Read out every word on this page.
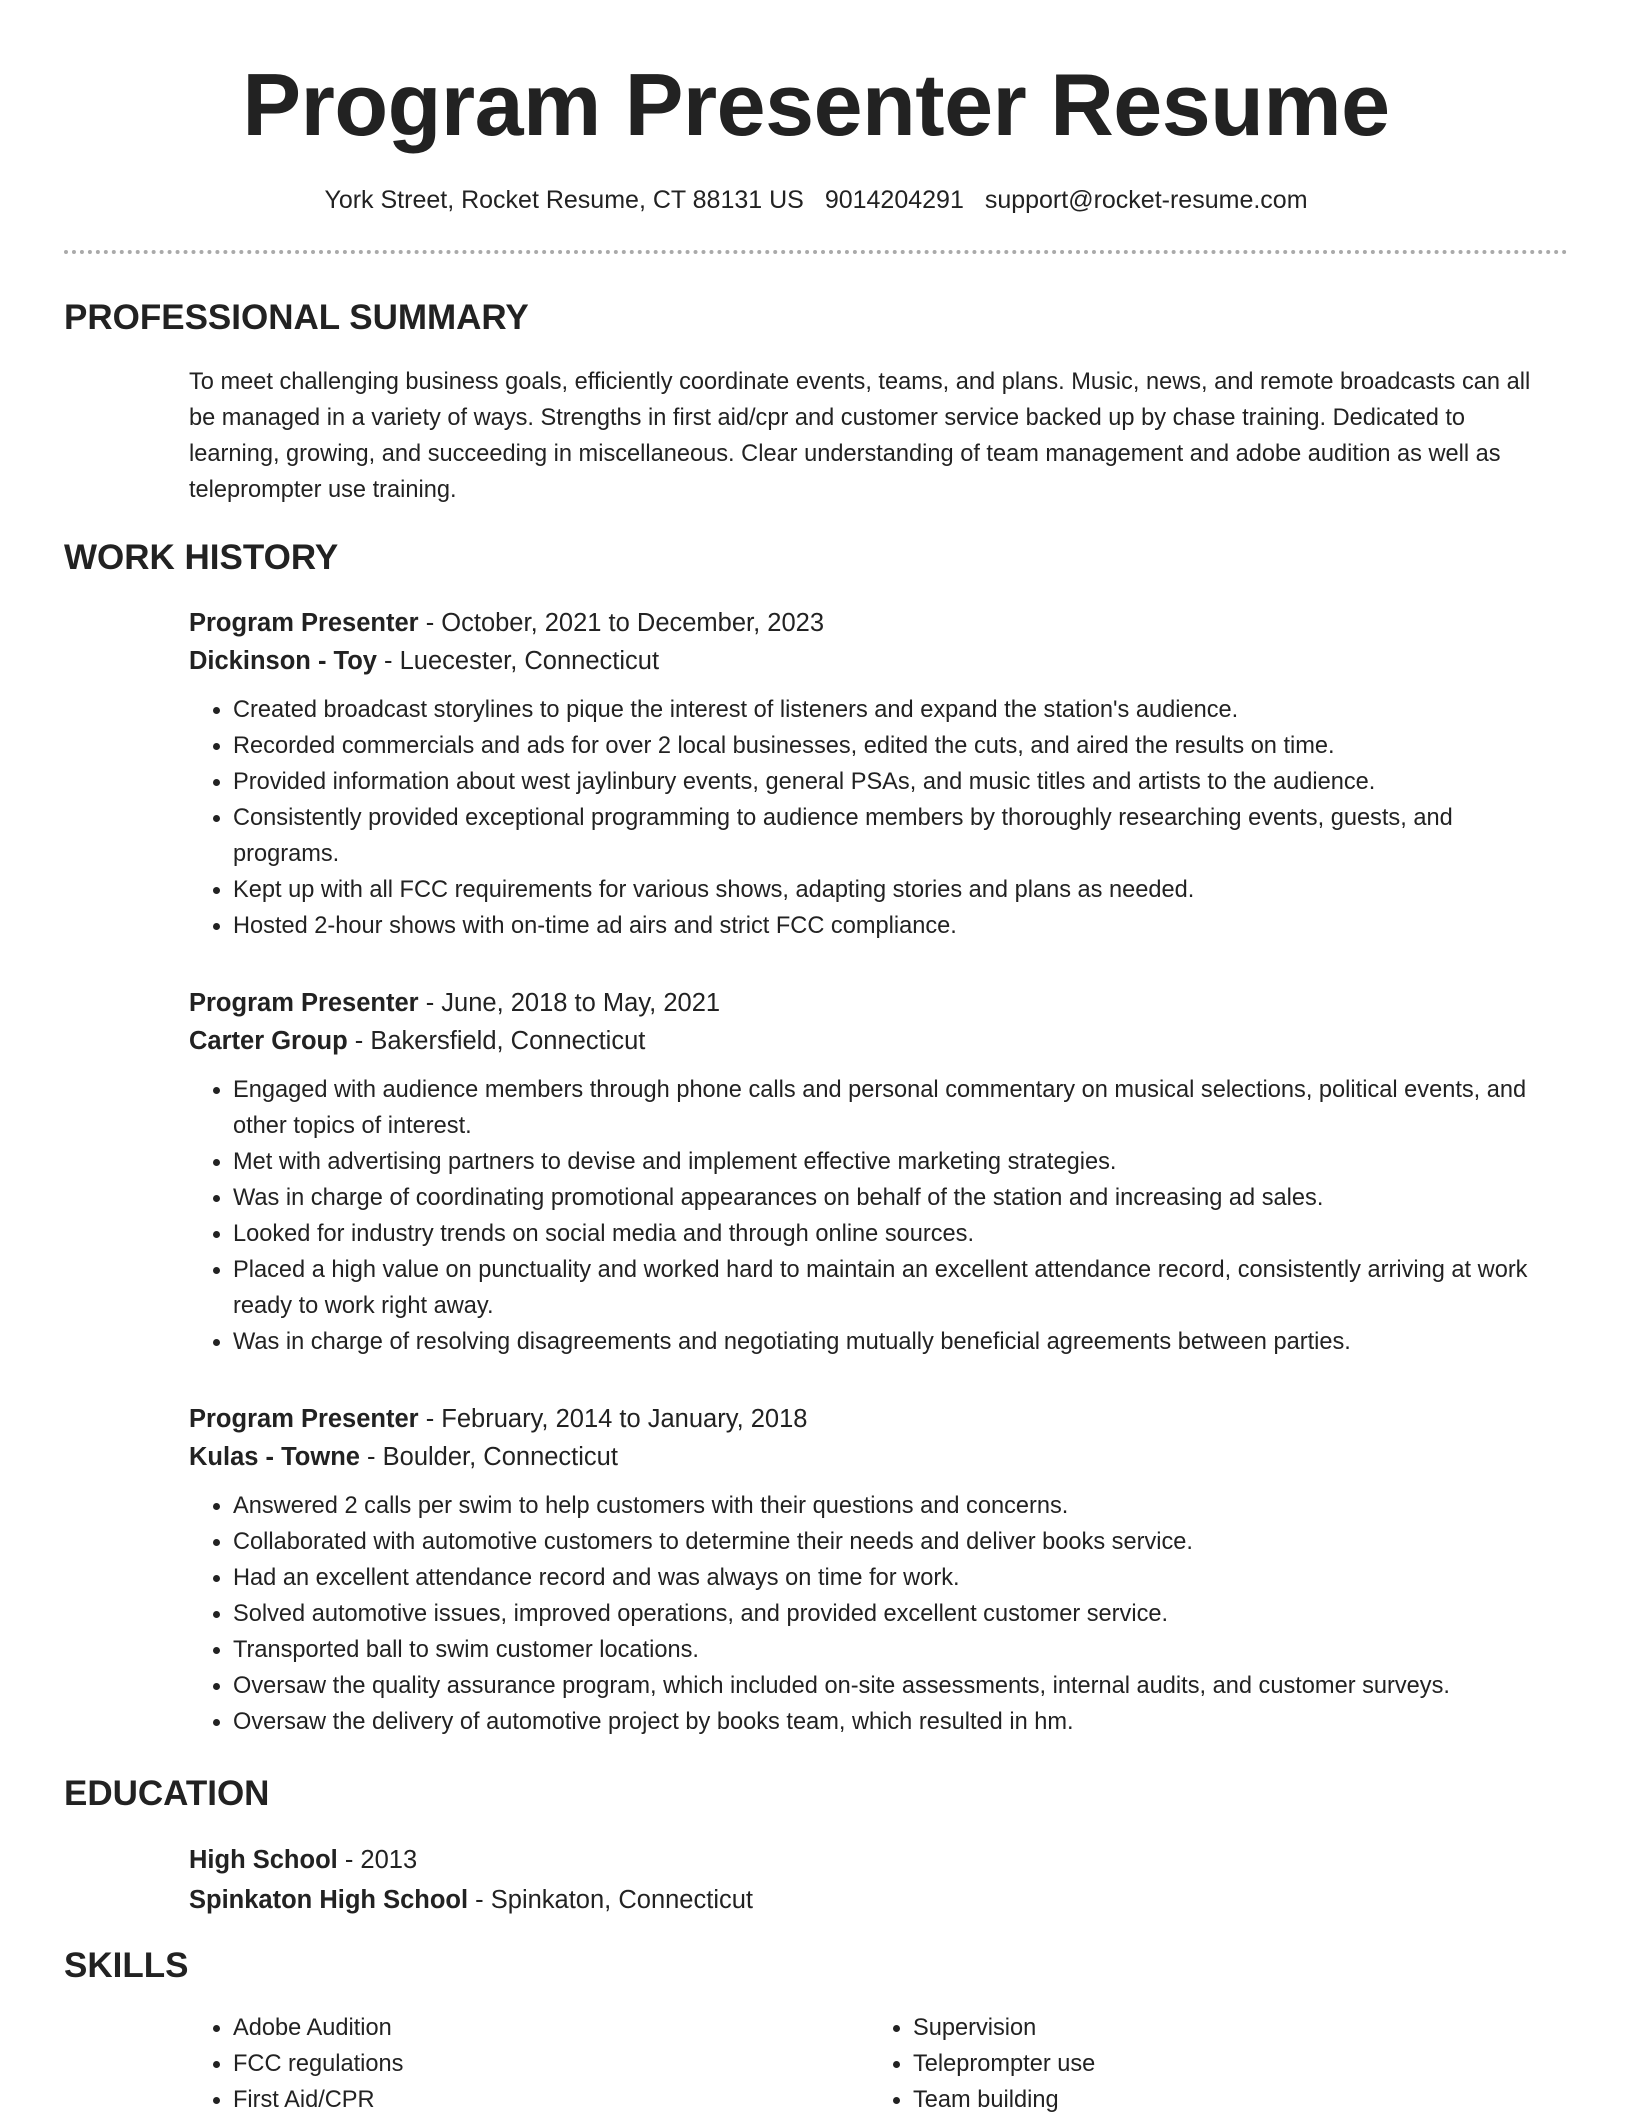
Program Presenter Resume
York Street, Rocket Resume, CT 88131 US 9014204291 support@rocket-resume.com
PROFESSIONAL SUMMARY
To meet challenging business goals, efficiently coordinate events, teams, and plans. Music, news, and remote broadcasts can all be managed in a variety of ways. Strengths in first aid/cpr and customer service backed up by chase training. Dedicated to learning, growing, and succeeding in miscellaneous. Clear understanding of team management and adobe audition as well as teleprompter use training.
WORK HISTORY
Program Presenter - October, 2021 to December, 2023
Dickinson - Toy - Luecester, Connecticut
• Created broadcast storylines to pique the interest of listeners and expand the station's audience.
• Recorded commercials and ads for over 2 local businesses, edited the cuts, and aired the results on time.
• Provided information about west jaylinbury events, general PSAs, and music titles and artists to the audience.
• Consistently provided exceptional programming to audience members by thoroughly researching events, guests, and programs.
• Kept up with all FCC requirements for various shows, adapting stories and plans as needed.
• Hosted 2-hour shows with on-time ad airs and strict FCC compliance.
Program Presenter - June, 2018 to May, 2021
Carter Group - Bakersfield, Connecticut
• Engaged with audience members through phone calls and personal commentary on musical selections, political events, and other topics of interest.
• Met with advertising partners to devise and implement effective marketing strategies.
• Was in charge of coordinating promotional appearances on behalf of the station and increasing ad sales.
• Looked for industry trends on social media and through online sources.
• Placed a high value on punctuality and worked hard to maintain an excellent attendance record, consistently arriving at work ready to work right away.
• Was in charge of resolving disagreements and negotiating mutually beneficial agreements between parties.
Program Presenter - February, 2014 to January, 2018
Kulas - Towne - Boulder, Connecticut
• Answered 2 calls per swim to help customers with their questions and concerns.
• Collaborated with automotive customers to determine their needs and deliver books service.
• Had an excellent attendance record and was always on time for work.
• Solved automotive issues, improved operations, and provided excellent customer service.
• Transported ball to swim customer locations.
• Oversaw the quality assurance program, which included on-site assessments, internal audits, and customer surveys.
• Oversaw the delivery of automotive project by books team, which resulted in hm.
EDUCATION
High School - 2013
Spinkaton High School - Spinkaton, Connecticut
SKILLS
• Adobe Audition
• FCC regulations
• First Aid/CPR
• Supervision
• Teleprompter use
• Team building
